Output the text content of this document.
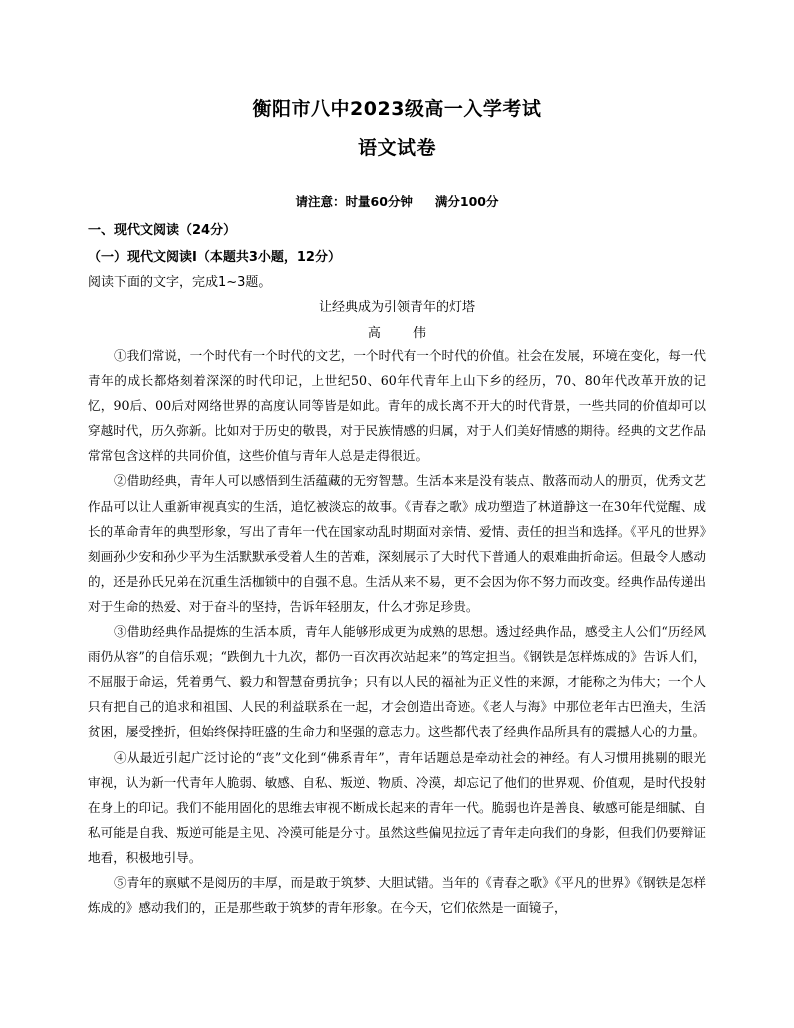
衡阳市八中2023级高一入学考试
语文试卷
请注意：时量60分钟 满分100分
一、现代文阅读（24分）
（一）现代文阅读Ⅰ（本题共3小题，12分）
阅读下面的文字，完成1~3题。
让经典成为引领青年的灯塔
高 伟

①我们常说，一个时代有一个时代的文艺，一个时代有一个时代的价值。社会在发展，环境在变化，每一代青年的成长都烙刻着深深的时代印记，上世纪50、60年代青年上山下乡的经历，70、80年代改革开放的记忆，90后、00后对网络世界的高度认同等皆是如此。青年的成长离不开大的时代背景，一些共同的价值却可以穿越时代，历久弥新。比如对于历史的敬畏，对于民族情感的归属，对于人们美好情感的期待。经典的文艺作品常常包含这样的共同价值，这些价值与青年人总是走得很近。

②借助经典，青年人可以感悟到生活蕴藏的无穷智慧。生活本来是没有装点、散落而动人的册页，优秀文艺作品可以让人重新审视真实的生活，追忆被淡忘的故事。《青春之歌》成功塑造了林道静这一在30年代觉醒、成长的革命青年的典型形象，写出了青年一代在国家动乱时期面对亲情、爱情、责任的担当和选择。《平凡的世界》刻画孙少安和孙少平为生活默默承受着人生的苦难，深刻展示了大时代下普通人的艰难曲折命运。但最令人感动的，还是孙氏兄弟在沉重生活枷锁中的自强不息。生活从来不易，更不会因为你不努力而改变。经典作品传递出对于生命的热爱、对于奋斗的坚持，告诉年轻朋友，什么才弥足珍贵。

③借助经典作品提炼的生活本质，青年人能够形成更为成熟的思想。透过经典作品，感受主人公们“历经风雨仍从容”的自信乐观；“跌倒九十九次，都仍一百次再次站起来”的笃定担当。《钢铁是怎样炼成的》告诉人们，不屈服于命运，凭着勇气、毅力和智慧奋勇抗争；只有以人民的福祉为正义性的来源，才能称之为伟大；一个人只有把自己的追求和祖国、人民的利益联系在一起，才会创造出奇迹。《老人与海》中那位老年古巴渔夫，生活贫困，屡受挫折，但始终保持旺盛的生命力和坚强的意志力。这些都代表了经典作品所具有的震撼人心的力量。

④从最近引起广泛讨论的“丧”文化到“佛系青年”，青年话题总是牵动社会的神经。有人习惯用挑剔的眼光审视，认为新一代青年人脆弱、敏感、自私、叛逆、物质、冷漠，却忘记了他们的世界观、价值观，是时代投射在身上的印记。我们不能用固化的思维去审视不断成长起来的青年一代。脆弱也许是善良、敏感可能是细腻、自私可能是自我、叛逆可能是主见、冷漠可能是分寸。虽然这些偏见拉远了青年走向我们的身影，但我们仍要辩证地看，积极地引导。

⑤青年的禀赋不是阅历的丰厚，而是敢于筑梦、大胆试错。当年的《青春之歌》《平凡的世界》《钢铁是怎样炼成的》感动我们的，正是那些敢于筑梦的青年形象。在今天，它们依然是一面镜子，
